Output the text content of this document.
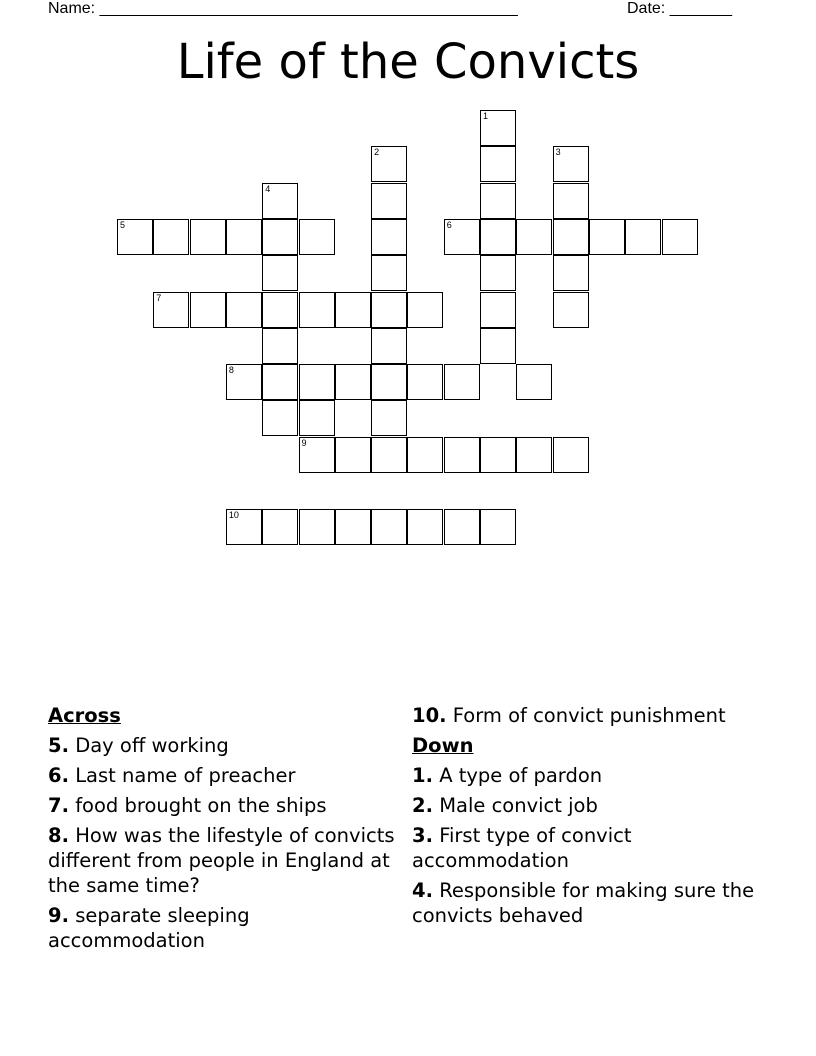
Name: _______________________________________________	Date: _______
Life of the Convicts
1
2	3
4
5	6
7
8
9
10
Across
5. Day off working
6. Last name of preacher
7. food brought on the ships
8. How was the lifestyle of convicts different from people in England at the same time?
9. separate sleeping accommodation
10. Form of convict punishment
Down
1. A type of pardon
2. Male convict job
3. First type of convict accommodation
4. Responsible for making sure the convicts behaved
